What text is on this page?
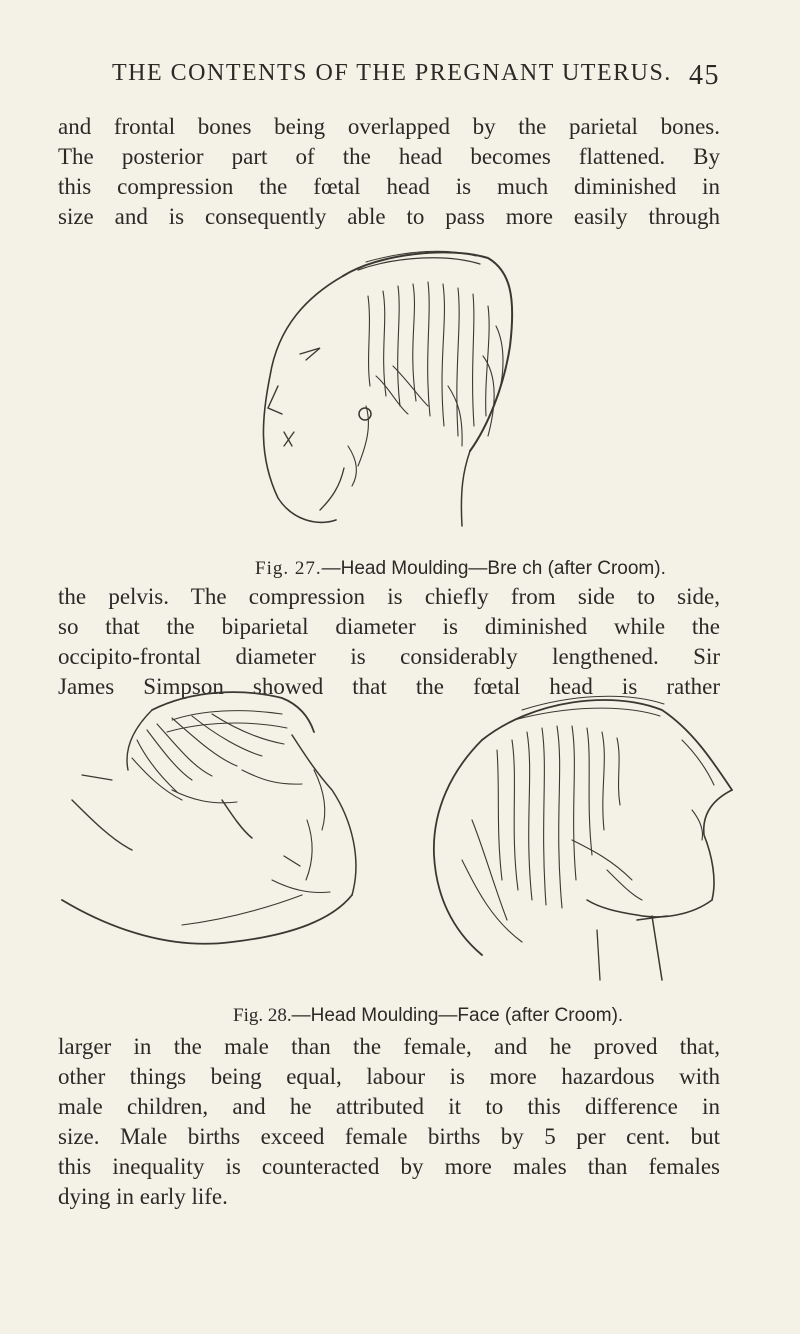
THE CONTENTS OF THE PREGNANT UTERUS. 45
and frontal bones being overlapped by the parietal bones.
The posterior part of the head becomes flattened. By
this compression the fœtal head is much diminished in
size and is consequently able to pass more easily through
Fig. 27.—Head Moulding—Bre ch (after Croom).
the pelvis. The compression is chiefly from side to side,
so that the biparietal diameter is diminished while the
occipito-frontal diameter is considerably lengthened. Sir
James Simpson showed that the fœtal head is rather
Fig. 28.—Head Moulding—Face (after Croom).
larger in the male than the female, and he proved that,
other things being equal, labour is more hazardous with
male children, and he attributed it to this difference in
size. Male births exceed female births by 5 per cent. but
this inequality is counteracted by more males than females
dying in early life.
